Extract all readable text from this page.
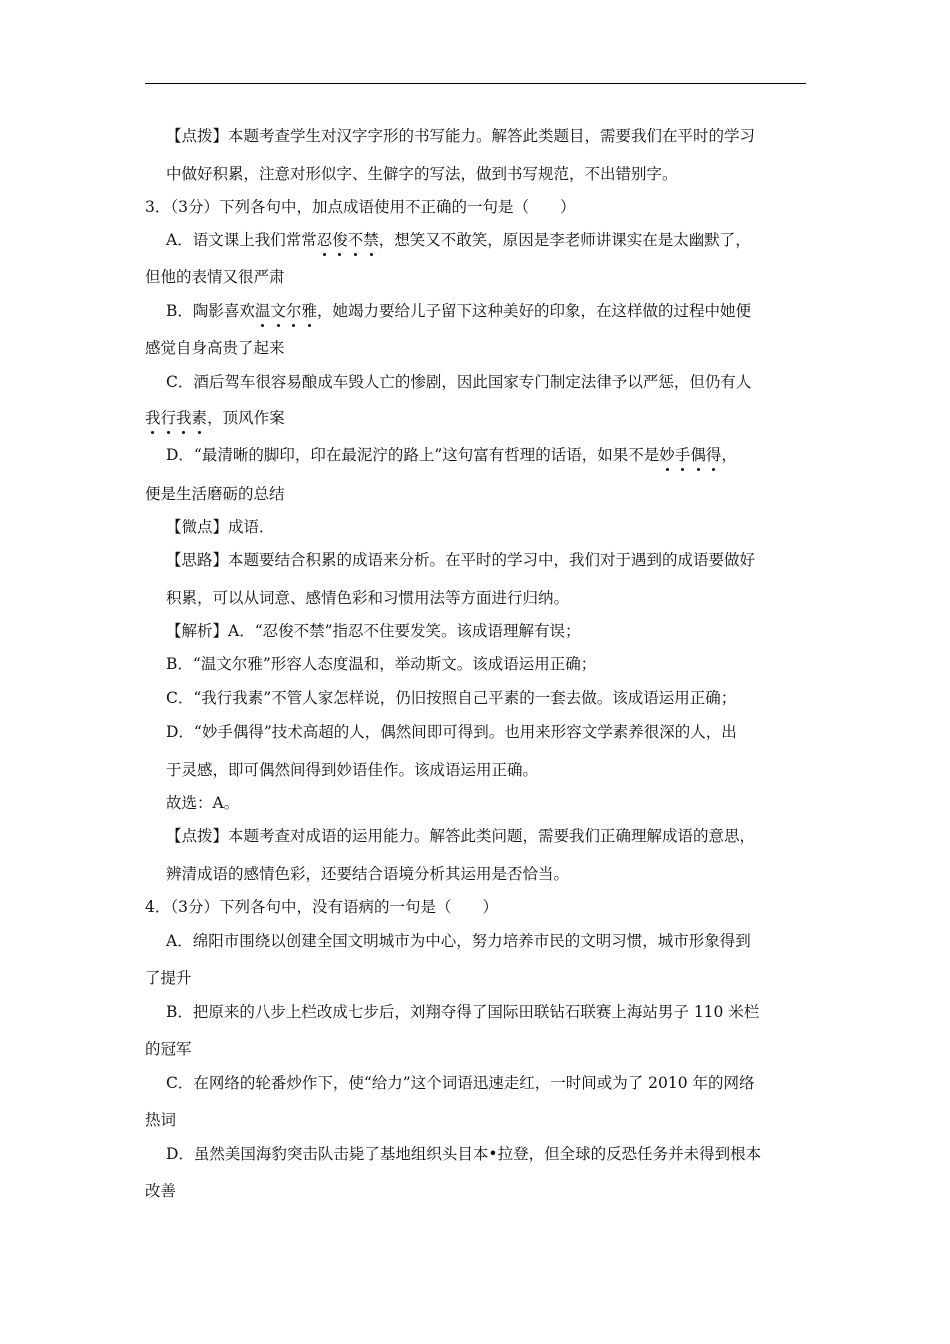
【点拨】本题考查学生对汉字字形的书写能力。解答此类题目，需要我们在平时的学习
中做好积累，注意对形似字、生僻字的写法，做到书写规范，不出错别字。
3．（3分）下列各句中，加点成语使用不正确的一句是（　　）
A．语文课上我们常常忍俊不禁，想笑又不敢笑，原因是李老师讲课实在是太幽默了，
但他的表情又很严肃
B．陶影喜欢温文尔雅，她竭力要给儿子留下这种美好的印象，在这样做的过程中她便
感觉自身高贵了起来
C．酒后驾车很容易酿成车毁人亡的惨剧，因此国家专门制定法律予以严惩，但仍有人
我行我素，顶风作案
D．“最清晰的脚印，印在最泥泞的路上”这句富有哲理的话语，如果不是妙手偶得，
便是生活磨砺的总结
【微点】成语．
【思路】本题要结合积累的成语来分析。在平时的学习中，我们对于遇到的成语要做好
积累，可以从词意、感情色彩和习惯用法等方面进行归纳。
【解析】A．“忍俊不禁”指忍不住要发笑。该成语理解有误；
B．“温文尔雅”形容人态度温和，举动斯文。该成语运用正确；
C．“我行我素”不管人家怎样说，仍旧按照自己平素的一套去做。该成语运用正确；
D．“妙手偶得”技术高超的人，偶然间即可得到。也用来形容文学素养很深的人，出
于灵感，即可偶然间得到妙语佳作。该成语运用正确。
故选：A。
【点拨】本题考查对成语的运用能力。解答此类问题，需要我们正确理解成语的意思，
辨清成语的感情色彩，还要结合语境分析其运用是否恰当。
4．（3分）下列各句中，没有语病的一句是（　　）
A．绵阳市围绕以创建全国文明城市为中心，努力培养市民的文明习惯，城市形象得到
了提升
B．把原来的八步上栏改成七步后，刘翔夺得了国际田联钻石联赛上海站男子 110 米栏
的冠军
C．在网络的轮番炒作下，使“给力”这个词语迅速走红，一时间或为了 2010 年的网络
热词
D．虽然美国海豹突击队击毙了基地组织头目本•拉登，但全球的反恐任务并未得到根本
改善
